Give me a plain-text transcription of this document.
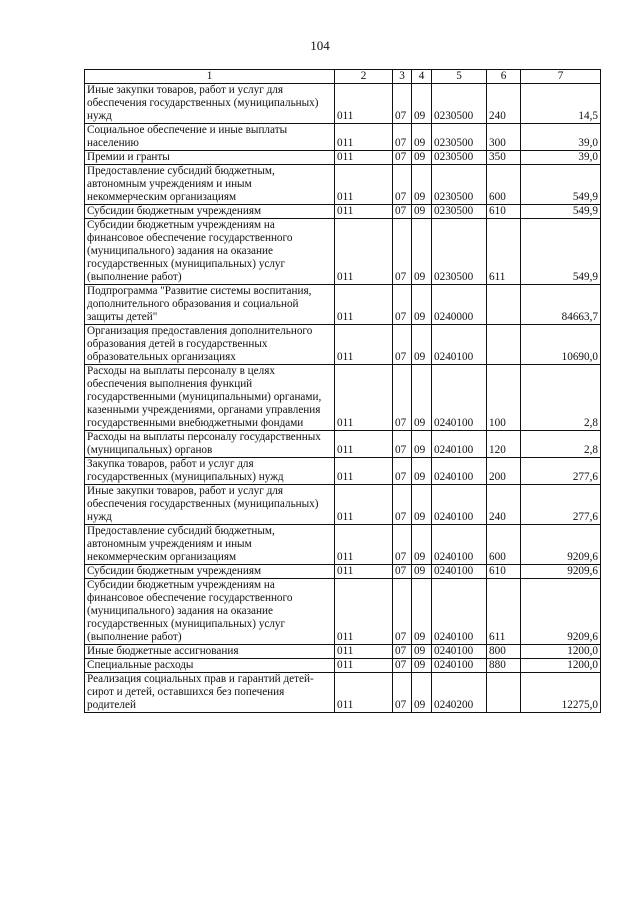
104
1	2	3	4	5	6	7
Иные закупки товаров, работ и услуг для обеспечения государственных (муниципальных) нужд	011	07	09	0230500	240	14,5
Социальное обеспечение и иные выплаты населению	011	07	09	0230500	300	39,0
Премии и гранты	011	07	09	0230500	350	39,0
Предоставление субсидий бюджетным, автономным учреждениям и иным некоммерческим организациям	011	07	09	0230500	600	549,9
Субсидии бюджетным учреждениям	011	07	09	0230500	610	549,9
Субсидии бюджетным учреждениям на финансовое обеспечение государственного (муниципального) задания на оказание государственных (муниципальных) услуг (выполнение работ)	011	07	09	0230500	611	549,9
Подпрограмма "Развитие системы воспитания, дополнительного образования и социальной защиты детей"	011	07	09	0240000		84663,7
Организация предоставления дополнительного образования детей в государственных образовательных организациях	011	07	09	0240100		10690,0
Расходы на выплаты персоналу в целях обеспечения выполнения функций государственными (муниципальными) органами, казенными учреждениями, органами управления государственными внебюджетными фондами	011	07	09	0240100	100	2,8
Расходы на выплаты персоналу государственных (муниципальных) органов	011	07	09	0240100	120	2,8
Закупка товаров, работ и услуг для государственных (муниципальных) нужд	011	07	09	0240100	200	277,6
Иные закупки товаров, работ и услуг для обеспечения государственных (муниципальных) нужд	011	07	09	0240100	240	277,6
Предоставление субсидий бюджетным, автономным учреждениям и иным некоммерческим организациям	011	07	09	0240100	600	9209,6
Субсидии бюджетным учреждениям	011	07	09	0240100	610	9209,6
Субсидии бюджетным учреждениям на финансовое обеспечение государственного (муниципального) задания на оказание государственных (муниципальных) услуг (выполнение работ)	011	07	09	0240100	611	9209,6
Иные бюджетные ассигнования	011	07	09	0240100	800	1200,0
Специальные расходы	011	07	09	0240100	880	1200,0
Реализация социальных прав и гарантий детей-сирот и детей, оставшихся без попечения родителей	011	07	09	0240200		12275,0
